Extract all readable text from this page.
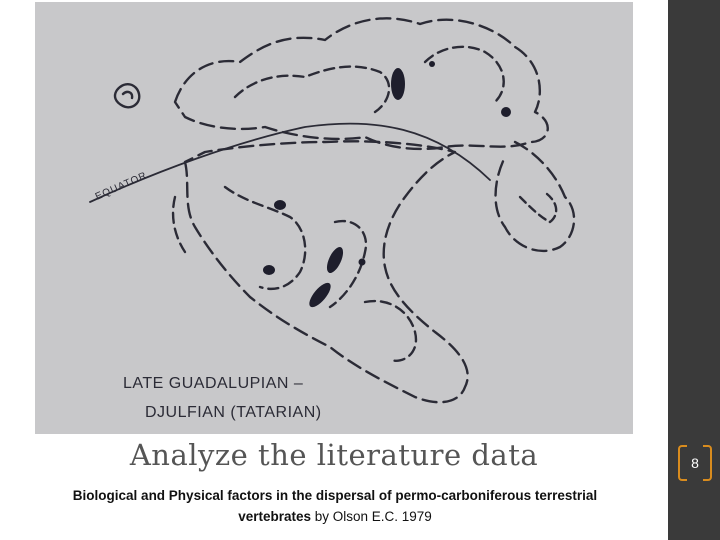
EQUATOR
LATE GUADALUPIAN –
DJULFIAN (TATARIAN)
8
Analyze the literature data
Biological and Physical factors in the dispersal of permo-carboniferous terrestrial vertebrates by Olson E.C. 1979
